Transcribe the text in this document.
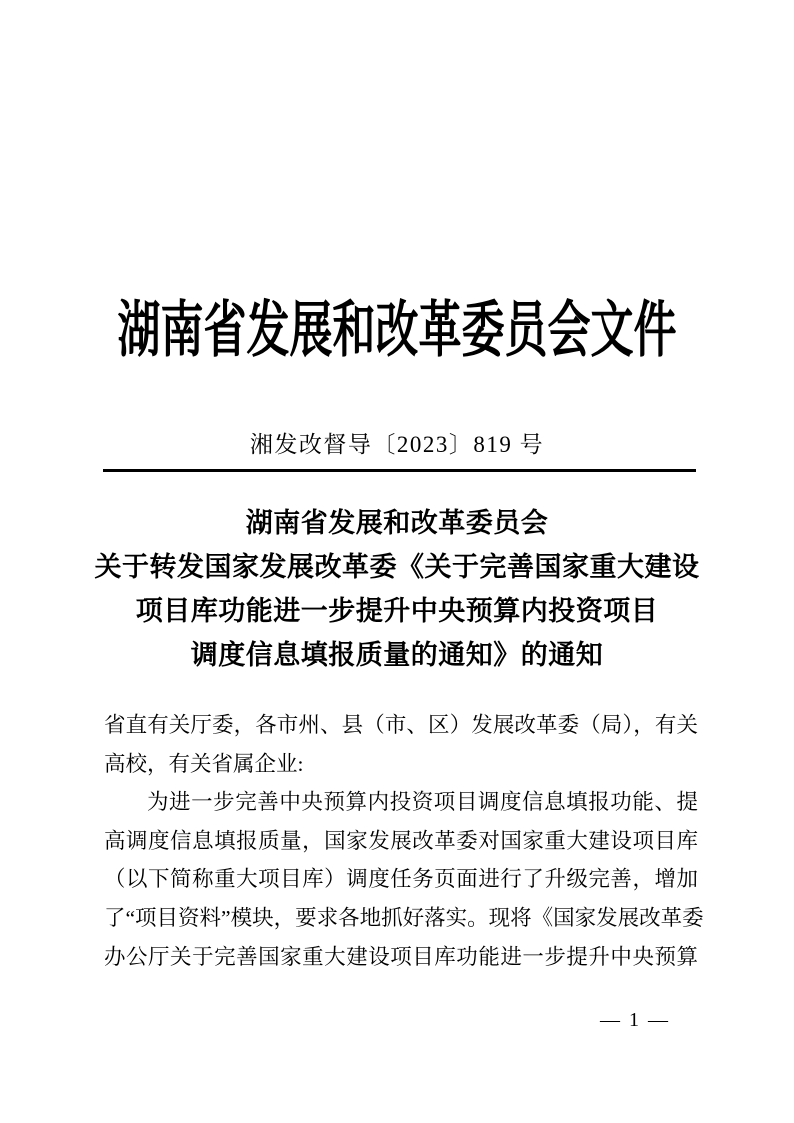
湖南省发展和改革委员会文件
湘发改督导〔2023〕819 号
湖南省发展和改革委员会
关于转发国家发展改革委《关于完善国家重大建设
项目库功能进一步提升中央预算内投资项目
调度信息填报质量的通知》的通知
省直有关厅委，各市州、县（市、区）发展改革委（局），有关
高校，有关省属企业:
为进一步完善中央预算内投资项目调度信息填报功能、提
高调度信息填报质量，国家发展改革委对国家重大建设项目库
（以下简称重大项目库）调度任务页面进行了升级完善，增加
了“项目资料”模块，要求各地抓好落实。现将《国家发展改革委
办公厅关于完善国家重大建设项目库功能进一步提升中央预算
— 1 —
